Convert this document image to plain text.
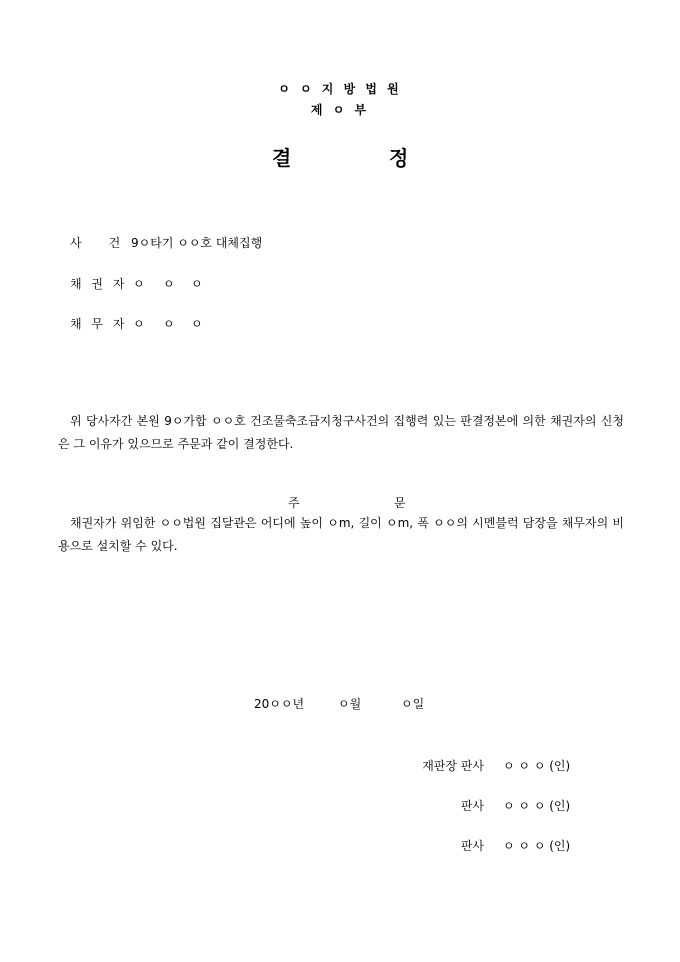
ㅇ ㅇ 지 방 법 원
제 ㅇ 부
결	정
사 건 9ㅇ타기 ㅇㅇ호 대체집행
채 권 자 ㅇ ㅇ ㅇ
채 무 자 ㅇ ㅇ ㅇ
위 당사자간 본원 9ㅇ가합 ㅇㅇ호 건조물축조금지청구사건의 집행력 있는 판결정본에 의한 채권자의 신청은 그 이유가 있으므로 주문과 같이 결정한다.
주	문
채권자가 위임한 ㅇㅇ법원 집달관은 어디에 높이 ㅇm, 길이 ㅇm, 폭 ㅇㅇ의 시멘블럭 담장을 채무자의 비용으로 설치할 수 있다.
20ㅇㅇ년	ㅇ월	ㅇ일
재판장 판사 ㅇ ㅇ ㅇ (인)
판사 ㅇ ㅇ ㅇ (인)
판사 ㅇ ㅇ ㅇ (인)
